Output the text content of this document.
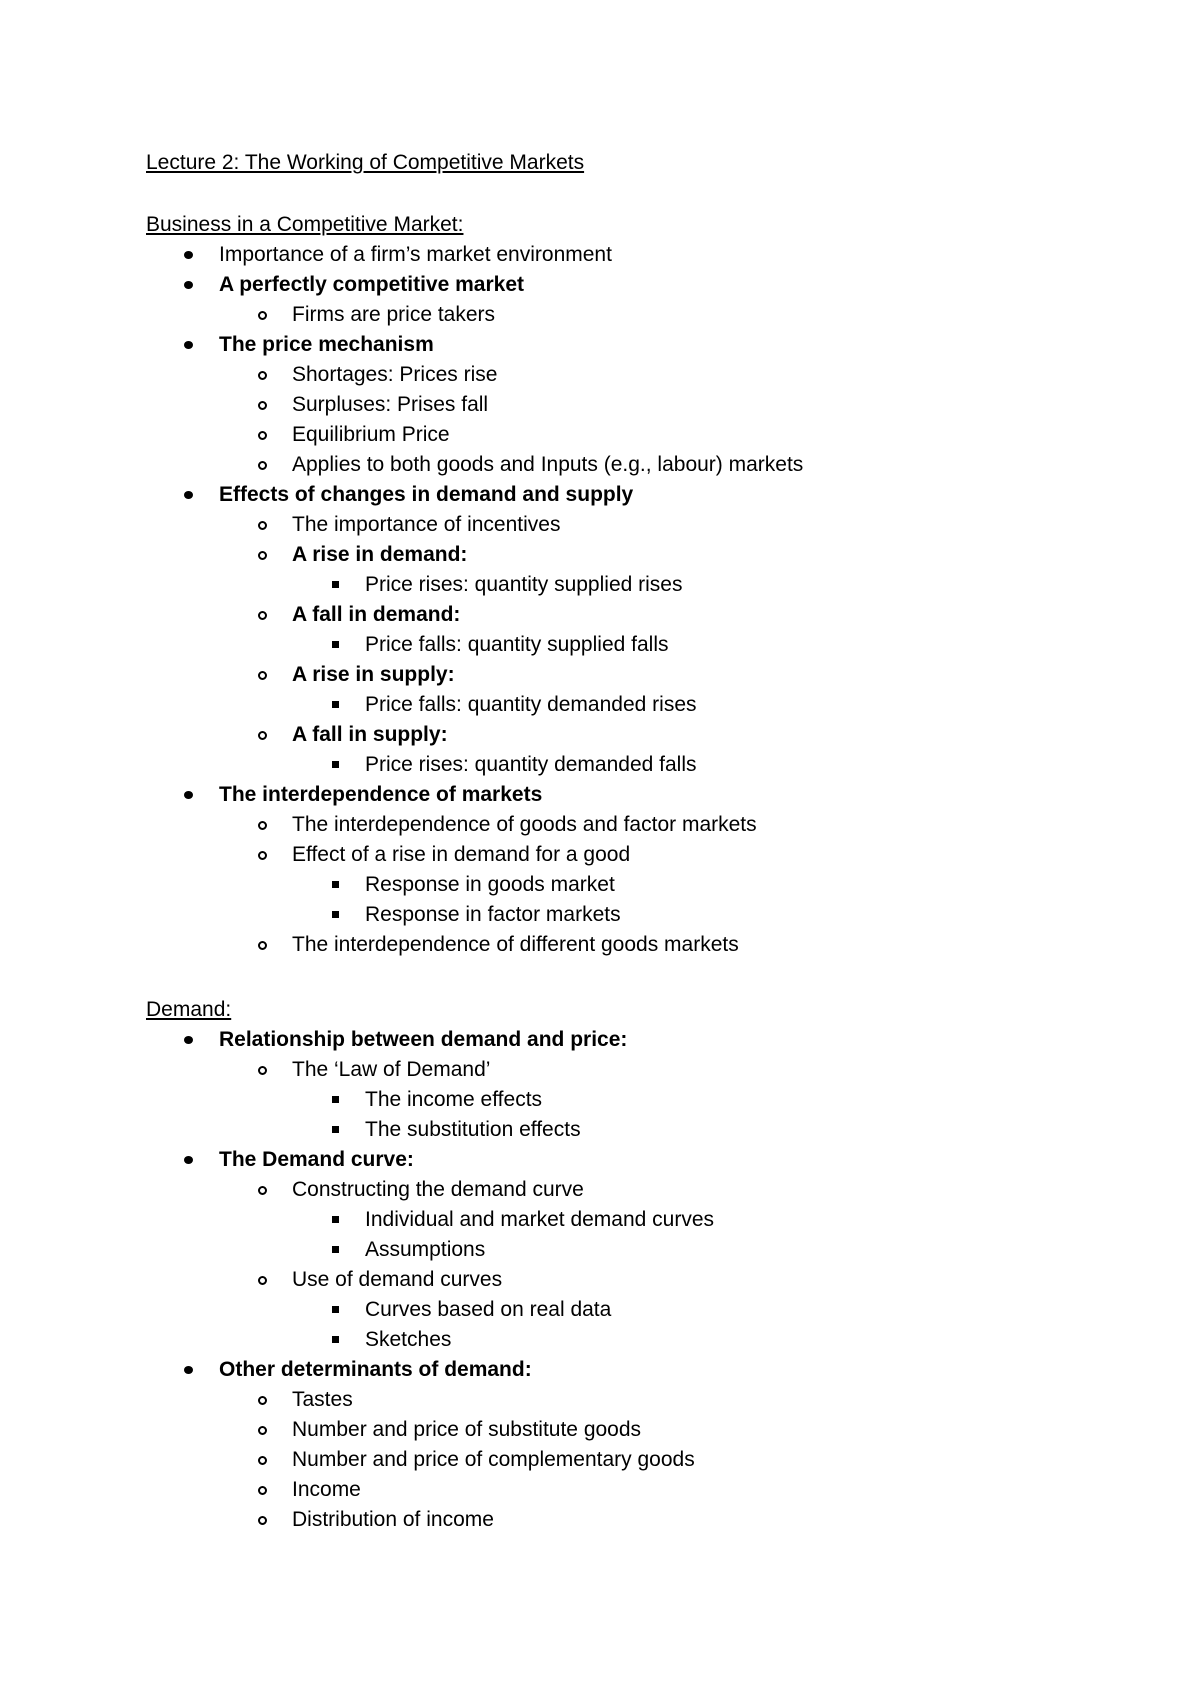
Lecture 2: The Working of Competitive Markets
Business in a Competitive Market:
Importance of a firm’s market environment
A perfectly competitive market
Firms are price takers
The price mechanism
Shortages: Prices rise
Surpluses: Prises fall
Equilibrium Price
Applies to both goods and Inputs (e.g., labour) markets
Effects of changes in demand and supply
The importance of incentives
A rise in demand:
Price rises: quantity supplied rises
A fall in demand:
Price falls: quantity supplied falls
A rise in supply:
Price falls: quantity demanded rises
A fall in supply:
Price rises: quantity demanded falls
The interdependence of markets
The interdependence of goods and factor markets
Effect of a rise in demand for a good
Response in goods market
Response in factor markets
The interdependence of different goods markets
Demand:
Relationship between demand and price:
The ‘Law of Demand’
The income effects
The substitution effects
The Demand curve:
Constructing the demand curve
Individual and market demand curves
Assumptions
Use of demand curves
Curves based on real data
Sketches
Other determinants of demand:
Tastes
Number and price of substitute goods
Number and price of complementary goods
Income
Distribution of income
